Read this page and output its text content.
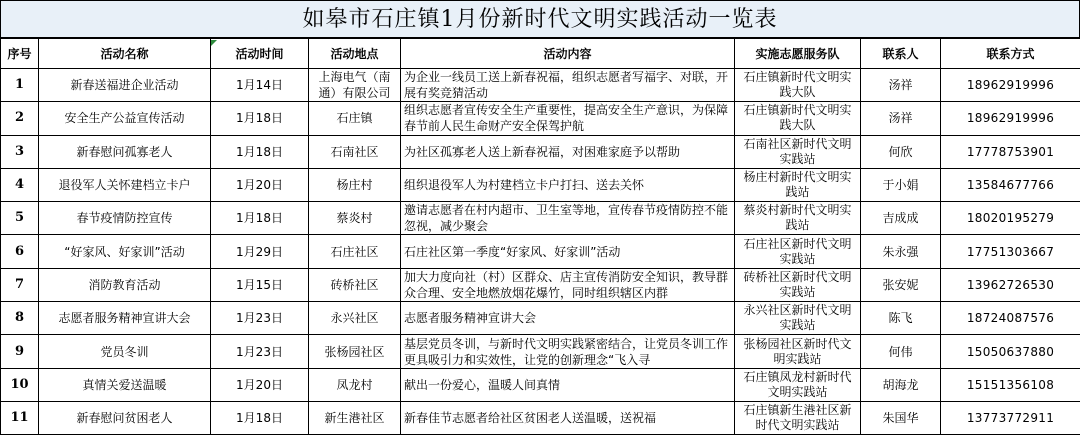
如皋市石庄镇1月份新时代文明实践活动一览表
序号	活动名称	活动时间	活动地点	活动内容	实施志愿服务队	联系人	联系方式

1	新春送福进企业活动	1月14日	上海电气（南通）有限公司	为企业一线员工送上新春祝福，组织志愿者写福字、对联，开展有奖竞猜活动	石庄镇新时代文明实践大队	汤祥	18962919996

2	安全生产公益宣传活动	1月18日	石庄镇	组织志愿者宣传安全生产重要性，提高安全生产意识，为保障春节前人民生命财产安全保驾护航	石庄镇新时代文明实践大队	汤祥	18962919996

3	新春慰问孤寡老人	1月18日	石南社区	为社区孤寡老人送上新春祝福，对困难家庭予以帮助	石南社区新时代文明实践站	何欣	17778753901

4	退役军人关怀建档立卡户	1月20日	杨庄村	组织退役军人为村建档立卡户打扫、送去关怀	杨庄村新时代文明实践站	于小娟	13584677766

5	春节疫情防控宣传	1月18日	蔡炎村	邀请志愿者在村内超市、卫生室等地，宣传春节疫情防控不能忽视，减少聚会	蔡炎村新时代文明实践站	吉成成	18020195279

6	“好家风、好家训”活动	1月29日	石庄社区	石庄社区第一季度“好家风、好家训”活动	石庄社区新时代文明实践站	朱永强	17751303667

7	消防教育活动	1月15日	砖桥社区	加大力度向社（村）区群众、店主宣传消防安全知识，教导群众合理、安全地燃放烟花爆竹，同时组织辖区内群	砖桥社区新时代文明实践站	张安妮	13962726530

8	志愿者服务精神宣讲大会	1月23日	永兴社区	志愿者服务精神宣讲大会	永兴社区新时代文明实践站	陈飞	18724087576

9	党员冬训	1月23日	张杨园社区	基层党员冬训，与新时代文明实践紧密结合，让党员冬训工作更具吸引力和实效性，让党的创新理念“飞入寻	张杨园社区新时代文明实践站	何伟	15050637880

10	真情关爱送温暖	1月20日	凤龙村	献出一份爱心，温暖人间真情	石庄镇凤龙村新时代文明实践站	胡海龙	15151356108

11	新春慰问贫困老人	1月18日	新生港社区	新春佳节志愿者给社区贫困老人送温暖，送祝福	石庄镇新生港社区新时代文明实践站	朱国华	13773772911
